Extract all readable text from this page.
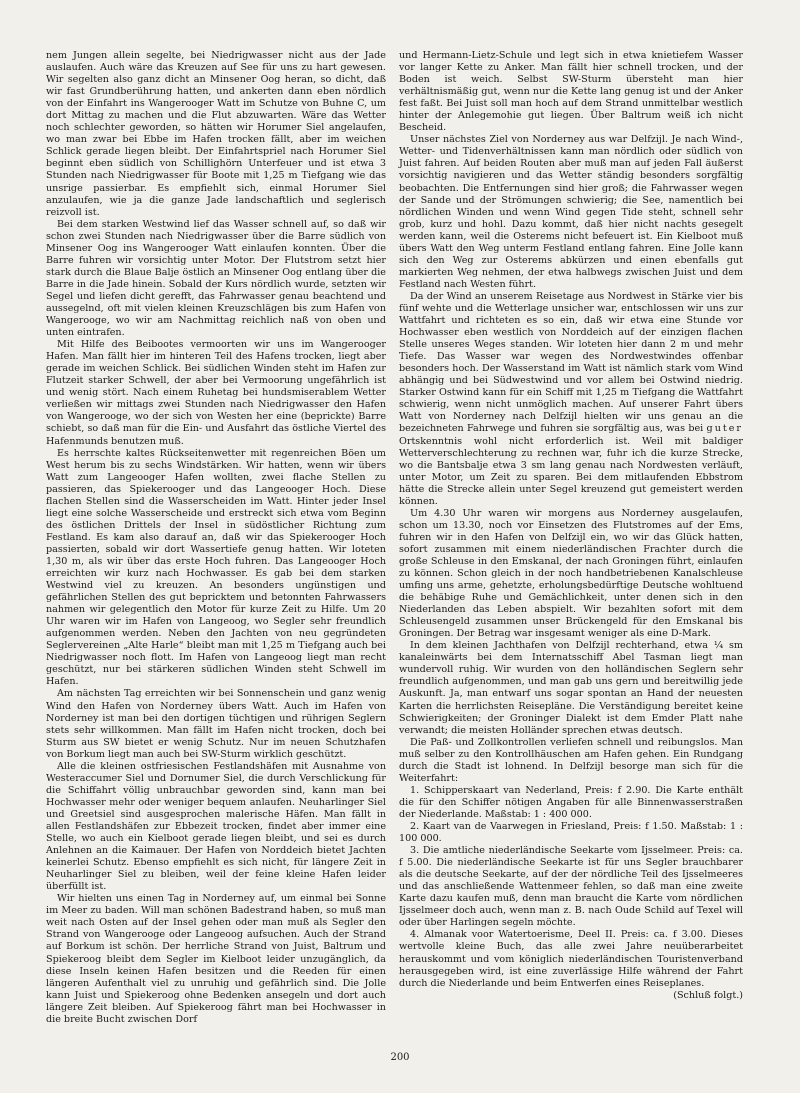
nem Jungen allein segelte, bei Niedrigwasser nicht aus der Jade auslaufen. Auch wäre das Kreuzen auf See für uns zu hart gewesen. Wir segelten also ganz dicht an Minsener Oog heran, so dicht, daß wir fast Grundberührung hatten, und ankerten dann eben nördlich von der Einfahrt ins Wangerooger Watt im Schutze von Buhne C, um dort Mittag zu machen und die Flut abzuwarten. Wäre das Wetter noch schlechter geworden, so hätten wir Horumer Siel angelaufen, wo man zwar bei Ebbe im Hafen trocken fällt, aber im weichen Schlick gerade liegen bleibt. Der Einfahrtspriel nach Horumer Siel beginnt eben südlich von Schillighörn Unterfeuer und ist etwa 3 Stunden nach Niedrigwasser für Boote mit 1,25 m Tiefgang wie das unsrige passierbar. Es empfiehlt sich, einmal Horumer Siel anzulaufen, wie ja die ganze Jade landschaftlich und seglerisch reizvoll ist.

Bei dem starken Westwind lief das Wasser schnell auf, so daß wir schon zwei Stunden nach Niedrigwasser über die Barre südlich von Minsener Oog ins Wangerooger Watt einlaufen konnten. Über die Barre fuhren wir vorsichtig unter Motor. Der Flutstrom setzt hier stark durch die Blaue Balje östlich an Minsener Oog entlang über die Barre in die Jade hinein. Sobald der Kurs nördlich wurde, setzten wir Segel und liefen dicht gerefft, das Fahrwasser genau beachtend und aussegelnd, oft mit vielen kleinen Kreuzschlägen bis zum Hafen von Wangerooge, wo wir am Nachmittag reichlich naß von oben und unten eintrafen.

Mit Hilfe des Beibootes vermoorten wir uns im Wangerooger Hafen. Man fällt hier im hinteren Teil des Hafens trocken, liegt aber gerade im weichen Schlick. Bei südlichen Winden steht im Hafen zur Flutzeit starker Schwell, der aber bei Vermoorung ungefährlich ist und wenig stört. Nach einem Ruhetag bei hundsmiserablem Wetter verließen wir mittags zwei Stunden nach Niedrigwasser den Hafen von Wangerooge, wo der sich von Westen her eine (beprickte) Barre schiebt, so daß man für die Ein- und Ausfahrt das östliche Viertel des Hafenmunds benutzen muß.

Es herrschte kaltes Rückseitenwetter mit regenreichen Böen um West herum bis zu sechs Windstärken. Wir hatten, wenn wir übers Watt zum Langeooger Hafen wollten, zwei flache Stellen zu passieren, das Spiekerooger und das Langeooger Hoch. Diese flachen Stellen sind die Wasserscheiden im Watt. Hinter jeder Insel liegt eine solche Wasserscheide und erstreckt sich etwa vom Beginn des östlichen Drittels der Insel in südöstlicher Richtung zum Festland. Es kam also darauf an, daß wir das Spiekerooger Hoch passierten, sobald wir dort Wassertiefe genug hatten. Wir loteten 1,30 m, als wir über das erste Hoch fuhren. Das Langeooger Hoch erreichten wir kurz nach Hochwasser. Es gab bei dem starken Westwind viel zu kreuzen. An besonders ungünstigen und gefährlichen Stellen des gut bepricktem und betonnten Fahrwassers nahmen wir gelegentlich den Motor für kurze Zeit zu Hilfe. Um 20 Uhr waren wir im Hafen von Langeoog, wo Segler sehr freundlich aufgenommen werden. Neben den Jachten von neu gegründeten Seglervereinen „Alte Harle“ bleibt man mit 1,25 m Tiefgang auch bei Niedrigwasser noch flott. Im Hafen von Langeoog liegt man recht geschützt, nur bei stärkeren südlichen Winden steht Schwell im Hafen.

Am nächsten Tag erreichten wir bei Sonnenschein und ganz wenig Wind den Hafen von Norderney übers Watt. Auch im Hafen von Norderney ist man bei den dortigen tüchtigen und rührigen Seglern stets sehr willkommen. Man fällt im Hafen nicht trocken, doch bei Sturm aus SW bietet er wenig Schutz. Nur im neuen Schutzhafen von Borkum liegt man auch bei SW-Sturm wirklich geschützt.

Alle die kleinen ostfriesischen Festlandshäfen mit Ausnahme von Westeraccumer Siel und Dornumer Siel, die durch Verschlickung für die Schiffahrt völlig unbrauchbar geworden sind, kann man bei Hochwasser mehr oder weniger bequem anlaufen. Neuharlinger Siel und Greetsiel sind ausgesprochen malerische Häfen. Man fällt in allen Festlandshäfen zur Ebbezeit trocken, findet aber immer eine Stelle, wo auch ein Kielboot gerade liegen bleibt, und sei es durch Anlehnen an die Kaimauer. Der Hafen von Norddeich bietet Jachten keinerlei Schutz. Ebenso empfiehlt es sich nicht, für längere Zeit in Neuharlinger Siel zu bleiben, weil der feine kleine Hafen leider überfüllt ist.

Wir hielten uns einen Tag in Norderney auf, um einmal bei Sonne im Meer zu baden. Will man schönen Badestrand haben, so muß man weit nach Osten auf der Insel gehen oder man muß als Segler den Strand von Wangerooge oder Langeoog aufsuchen. Auch der Strand auf Borkum ist schön. Der herrliche Strand von Juist, Baltrum und Spiekeroog bleibt dem Segler im Kielboot leider unzugänglich, da diese Inseln keinen Hafen besitzen und die Reeden für einen längeren Aufenthalt viel zu unruhig und gefährlich sind. Die Jolle kann Juist und Spiekeroog ohne Bedenken ansegeln und dort auch längere Zeit bleiben. Auf Spiekeroog fährt man bei Hochwasser in die breite Bucht zwischen Dorf

und Hermann-Lietz-Schule und legt sich in etwa knietiefem Wasser vor langer Kette zu Anker. Man fällt hier schnell trocken, und der Boden ist weich. Selbst SW-Sturm übersteht man hier verhältnismäßig gut, wenn nur die Kette lang genug ist und der Anker fest faßt. Bei Juist soll man hoch auf dem Strand unmittelbar westlich hinter der Anlegemohie gut liegen. Über Baltrum weiß ich nicht Bescheid.

Unser nächstes Ziel von Norderney aus war Delfzijl. Je nach Wind-, Wetter- und Tidenverhältnissen kann man nördlich oder südlich von Juist fahren. Auf beiden Routen aber muß man auf jeden Fall äußerst vorsichtig navigieren und das Wetter ständig besonders sorgfältig beobachten. Die Entfernungen sind hier groß; die Fahrwasser wegen der Sande und der Strömungen schwierig; die See, namentlich bei nördlichen Winden und wenn Wind gegen Tide steht, schnell sehr grob, kurz und hohl. Dazu kommt, daß hier nicht nachts gesegelt werden kann, weil die Osterems nicht befeuert ist. Ein Kielboot muß übers Watt den Weg unterm Festland entlang fahren. Eine Jolle kann sich den Weg zur Osterems abkürzen und einen ebenfalls gut markierten Weg nehmen, der etwa halbwegs zwischen Juist und dem Festland nach Westen führt.

Da der Wind an unserem Reisetage aus Nordwest in Stärke vier bis fünf wehte und die Wetterlage unsicher war, entschlossen wir uns zur Wattfahrt und richteten es so ein, daß wir etwa eine Stunde vor Hochwasser eben westlich von Norddeich auf der einzigen flachen Stelle unseres Weges standen. Wir loteten hier dann 2 m und mehr Tiefe. Das Wasser war wegen des Nordwestwindes offenbar besonders hoch. Der Wasserstand im Watt ist nämlich stark vom Wind abhängig und bei Südwestwind und vor allem bei Ostwind niedrig. Starker Ostwind kann für ein Schiff mit 1,25 m Tiefgang die Wattfahrt schwierig, wenn nicht unmöglich machen. Auf unserer Fahrt übers Watt von Norderney nach Delfzijl hielten wir uns genau an die bezeichneten Fahrwege und fuhren sie sorgfältig aus, was bei guter Ortskenntnis wohl nicht erforderlich ist. Weil mit baldiger Wetterverschlechterung zu rechnen war, fuhr ich die kurze Strecke, wo die Bantsbalje etwa 3 sm lang genau nach Nordwesten verläuft, unter Motor, um Zeit zu sparen. Bei dem mitlaufenden Ebbstrom hätte die Strecke allein unter Segel kreuzend gut gemeistert werden können.

Um 4.30 Uhr waren wir morgens aus Norderney ausgelaufen, schon um 13.30, noch vor Einsetzen des Flutstromes auf der Ems, fuhren wir in den Hafen von Delfzijl ein, wo wir das Glück hatten, sofort zusammen mit einem niederländischen Frachter durch die große Schleuse in den Emskanal, der nach Groningen führt, einlaufen zu können. Schon gleich in der noch handbetriebenen Kanalschleuse umfing uns arme, gehetzte, erholungsbedürftige Deutsche wohltuend die behäbige Ruhe und Gemächlichkeit, unter denen sich in den Niederlanden das Leben abspielt. Wir bezahlten sofort mit dem Schleusengeld zusammen unser Brückengeld für den Emskanal bis Groningen. Der Betrag war insgesamt weniger als eine D-Mark.

In dem kleinen Jachthafen von Delfzijl rechterhand, etwa ¼ sm kanaleinwärts bei dem Internatsschiff Abel Tasman liegt man wundervoll ruhig. Wir wurden von den holländischen Seglern sehr freundlich aufgenommen, und man gab uns gern und bereitwillig jede Auskunft. Ja, man entwarf uns sogar spontan an Hand der neuesten Karten die herrlichsten Reisepläne. Die Verständigung bereitet keine Schwierigkeiten; der Groninger Dialekt ist dem Emder Platt nahe verwandt; die meisten Holländer sprechen etwas deutsch.

Die Paß- und Zollkontrollen verliefen schnell und reibungslos. Man muß selber zu den Kontrollhäuschen am Hafen gehen. Ein Rundgang durch die Stadt ist lohnend. In Delfzijl besorge man sich für die Weiterfahrt:

1. Schipperskaart van Nederland, Preis: f 2.90. Die Karte enthält die für den Schiffer nötigen Angaben für alle Binnenwasserstraßen der Niederlande. Maßstab: 1 : 400 000.

2. Kaart van de Vaarwegen in Friesland, Preis: f 1.50. Maßstab: 1 : 100 000.

3. Die amtliche niederländische Seekarte vom Ijsselmeer. Preis: ca. f 5.00. Die niederländische Seekarte ist für uns Segler brauchbarer als die deutsche Seekarte, auf der der nördliche Teil des Ijsselmeeres und das anschließende Wattenmeer fehlen, so daß man eine zweite Karte dazu kaufen muß, denn man braucht die Karte vom nördlichen Ijsselmeer doch auch, wenn man z. B. nach Oude Schild auf Texel will oder über Harlingen segeln möchte.

4. Almanak voor Watertoerisme, Deel II. Preis: ca. f 3.00. Dieses wertvolle kleine Buch, das alle zwei Jahre neuüberarbeitet herauskommt und vom königlich niederländischen Touristenverband herausgegeben wird, ist eine zuverlässige Hilfe während der Fahrt durch die Niederlande und beim Entwerfen eines Reiseplanes.

(Schluß folgt.)

200
